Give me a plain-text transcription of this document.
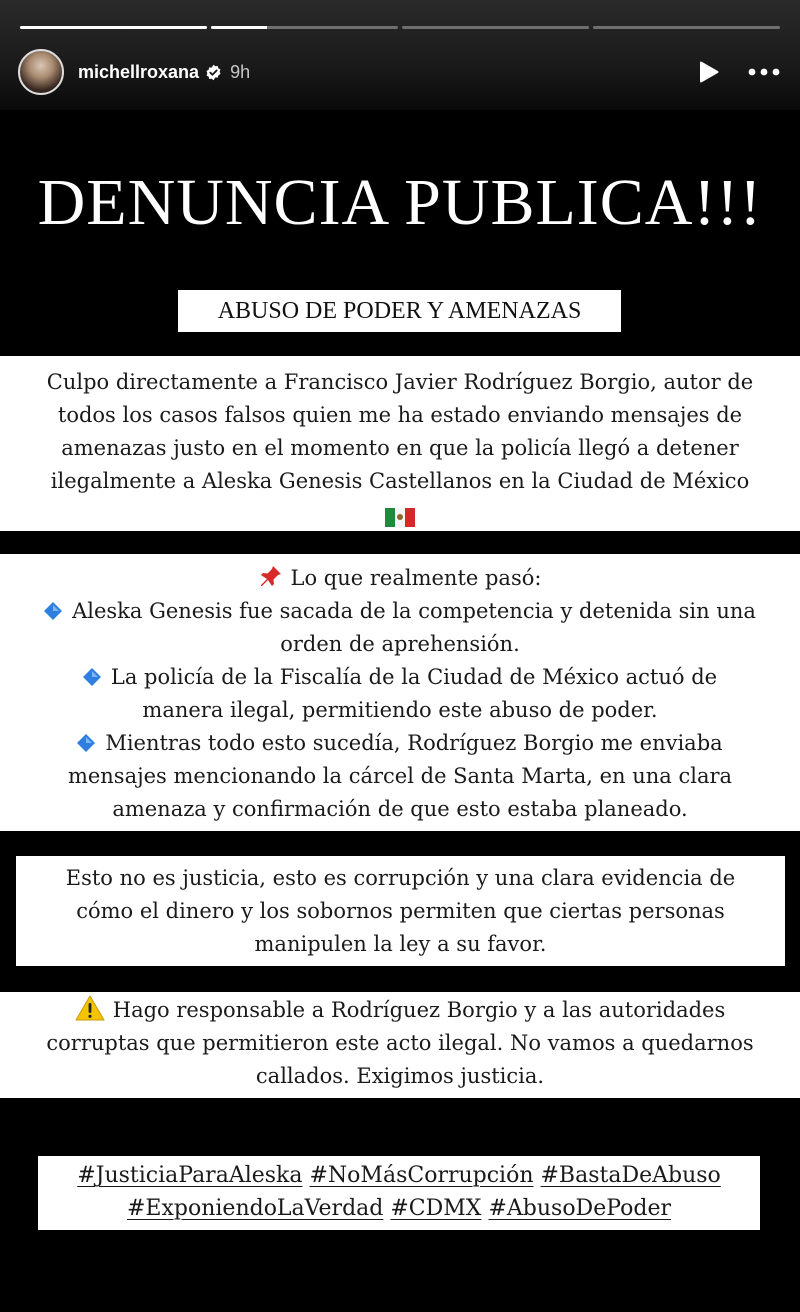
michellroxana 9h
DENUNCIA PUBLICA!!!
ABUSO DE PODER Y AMENAZAS
Culpo directamente a Francisco Javier Rodríguez Borgio, autor de
todos los casos falsos quien me ha estado enviando mensajes de
amenazas justo en el momento en que la policía llegó a detener
ilegalmente a Aleska Genesis Castellanos en la Ciudad de México
Lo que realmente pasó:
Aleska Genesis fue sacada de la competencia y detenida sin una
orden de aprehensión.
La policía de la Fiscalía de la Ciudad de México actuó de
manera ilegal, permitiendo este abuso de poder.
Mientras todo esto sucedía, Rodríguez Borgio me enviaba
mensajes mencionando la cárcel de Santa Marta, en una clara
amenaza y confirmación de que esto estaba planeado.
Esto no es justicia, esto es corrupción y una clara evidencia de
cómo el dinero y los sobornos permiten que ciertas personas
manipulen la ley a su favor.
Hago responsable a Rodríguez Borgio y a las autoridades
corruptas que permitieron este acto ilegal. No vamos a quedarnos
callados. Exigimos justicia.
#JusticiaParaAleska #NoMásCorrupción #BastaDeAbuso
#ExponiendoLaVerdad #CDMX #AbusoDePoder
